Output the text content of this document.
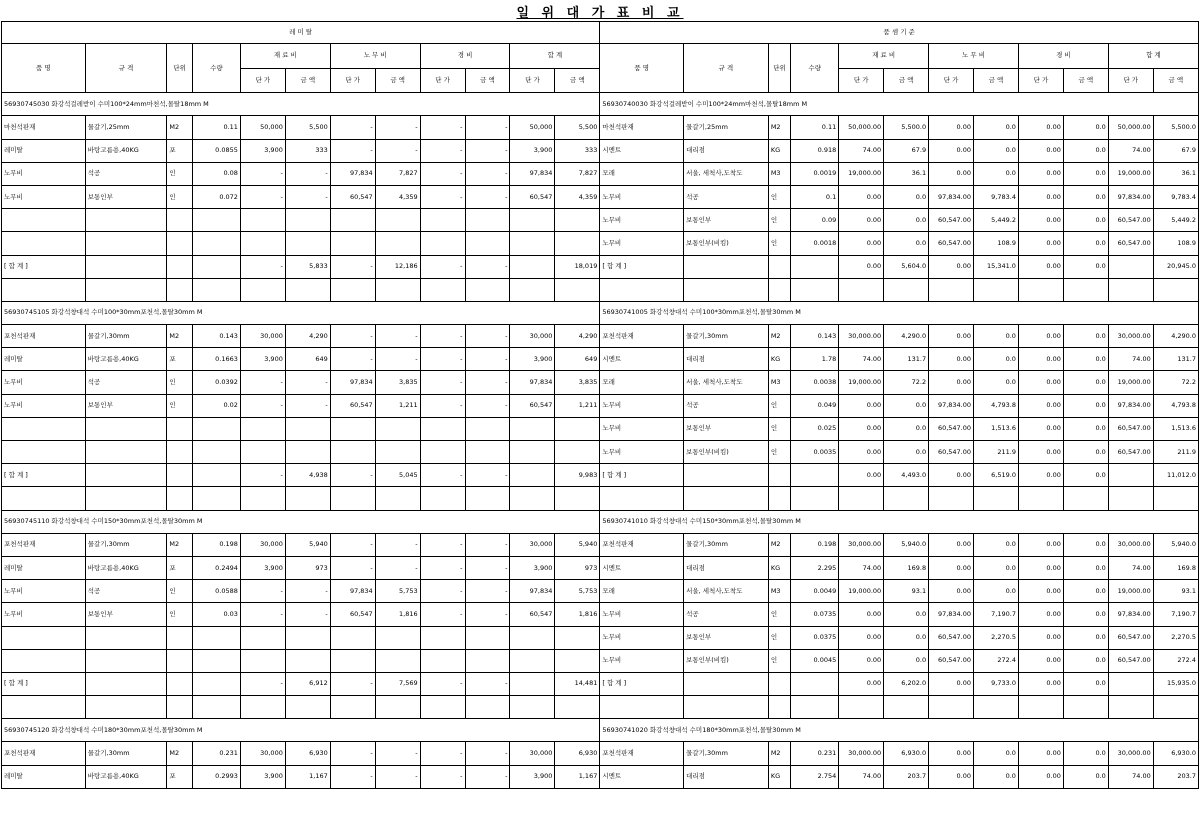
일 위 대 가 표 비 교
레 미 탈												품 셈 기 준											
품 명	규 격	단위	수량	재 료 비		노 무 비		경 비		합 계		품 명	규 격	단위	수량	재 료 비		노 무 비		경 비		합 계	
				단 가	금 액	단 가	금 액	단 가	금 액	단 가	금 액					단 가	금 액	단 가	금 액	단 가	금 액	단 가	금 액
56930745030 화강석걸레받이 수미100*24mm마천석,몰탈18mm M												56930740030 화강석걸레받이 수미100*24mm마천석,몰탈18mm M											
마천석판재	물갈기,25mm	M2	0.11	50,000	5,500	-	-	-	-	50,000	5,500	마천석판재	물갈기,25mm	M2	0.11	50,000.00	5,500.0	0.00	0.0	0.00	0.0	50,000.00	5,500.0
레미탈	바탕고름용,40KG	포	0.0855	3,900	333	-	-	-	-	3,900	333	시멘트	대리점	KG	0.918	74.00	67.9	0.00	0.0	0.00	0.0	74.00	67.9
노무비	석공	인	0.08	-	-	97,834	7,827	-	-	97,834	7,827	모래	서울, 세척사,도착도	M3	0.0019	19,000.00	36.1	0.00	0.0	0.00	0.0	19,000.00	36.1
노무비	보통인부	인	0.072	-	-	60,547	4,359	-	-	60,547	4,359	노무비	석공	인	0.1	0.00	0.0	97,834.00	9,783.4	0.00	0.0	97,834.00	9,783.4
												노무비	보통인부	인	0.09	0.00	0.0	60,547.00	5,449.2	0.00	0.0	60,547.00	5,449.2
												노무비	보통인부(비킴)	인	0.0018	0.00	0.0	60,547.00	108.9	0.00	0.0	60,547.00	108.9
[ 합 계 ]				-	5,833	-	12,186	-	-		18,019	[ 합 계 ]				0.00	5,604.0	0.00	15,341.0	0.00	0.0		20,945.0

56930745105 화강석챵대석 수미100*30mm포천석,몰탈30mm M												56930741005 화강석챵대석 수미100*30mm포천석,몰탈30mm M											
포천석판재	물갈기,30mm	M2	0.143	30,000	4,290	-	-	-	-	30,000	4,290	포천석판재	물갈기,30mm	M2	0.143	30,000.00	4,290.0	0.00	0.0	0.00	0.0	30,000.00	4,290.0
레미탈	바탕고름용,40KG	포	0.1663	3,900	649	-	-	-	-	3,900	649	시멘트	대리점	KG	1.78	74.00	131.7	0.00	0.0	0.00	0.0	74.00	131.7
노무비	석공	인	0.0392	-	-	97,834	3,835	-	-	97,834	3,835	모래	서울, 세척사,도착도	M3	0.0038	19,000.00	72.2	0.00	0.0	0.00	0.0	19,000.00	72.2
노무비	보통인부	인	0.02	-	-	60,547	1,211	-	-	60,547	1,211	노무비	석공	인	0.049	0.00	0.0	97,834.00	4,793.8	0.00	0.0	97,834.00	4,793.8
												노무비	보통인부	인	0.025	0.00	0.0	60,547.00	1,513.6	0.00	0.0	60,547.00	1,513.6
												노무비	보통인부(비킴)	인	0.0035	0.00	0.0	60,547.00	211.9	0.00	0.0	60,547.00	211.9
[ 합 계 ]				-	4,938	-	5,045	-	-		9,983	[ 합 계 ]				0.00	4,493.0	0.00	6,519.0	0.00	0.0		11,012.0

56930745110 화강석챵대석 수미150*30mm포천석,몰탈30mm M												56930741010 화강석챵대석 수미150*30mm포천석,몰탈30mm M											
포천석판재	물갈기,30mm	M2	0.198	30,000	5,940	-	-	-	-	30,000	5,940	포천석판재	물갈기,30mm	M2	0.198	30,000.00	5,940.0	0.00	0.0	0.00	0.0	30,000.00	5,940.0
레미탈	바탕고름용,40KG	포	0.2494	3,900	973	-	-	-	-	3,900	973	시멘트	대리점	KG	2.295	74.00	169.8	0.00	0.0	0.00	0.0	74.00	169.8
노무비	석공	인	0.0588	-	-	97,834	5,753	-	-	97,834	5,753	모래	서울, 세척사,도착도	M3	0.0049	19,000.00	93.1	0.00	0.0	0.00	0.0	19,000.00	93.1
노무비	보통인부	인	0.03	-	-	60,547	1,816	-	-	60,547	1,816	노무비	석공	인	0.0735	0.00	0.0	97,834.00	7,190.7	0.00	0.0	97,834.00	7,190.7
												노무비	보통인부	인	0.0375	0.00	0.0	60,547.00	2,270.5	0.00	0.0	60,547.00	2,270.5
												노무비	보통인부(비킴)	인	0.0045	0.00	0.0	60,547.00	272.4	0.00	0.0	60,547.00	272.4
[ 합 계 ]				-	6,912	-	7,569	-	-		14,481	[ 합 계 ]				0.00	6,202.0	0.00	9,733.0	0.00	0.0		15,935.0

56930745120 화강석챵대석 수미180*30mm포천석,몰탈30mm M												56930741020 화강석챵대석 수미180*30mm포천석,몰탈30mm M											
포천석판재	물갈기,30mm	M2	0.231	30,000	6,930	-	-	-	-	30,000	6,930	포천석판재	물갈기,30mm	M2	0.231	30,000.00	6,930.0	0.00	0.0	0.00	0.0	30,000.00	6,930.0
레미탈	바탕고름용,40KG	포	0.2993	3,900	1,167	-	-	-	-	3,900	1,167	시멘트	대리점	KG	2.754	74.00	203.7	0.00	0.0	0.00	0.0	74.00	203.7
